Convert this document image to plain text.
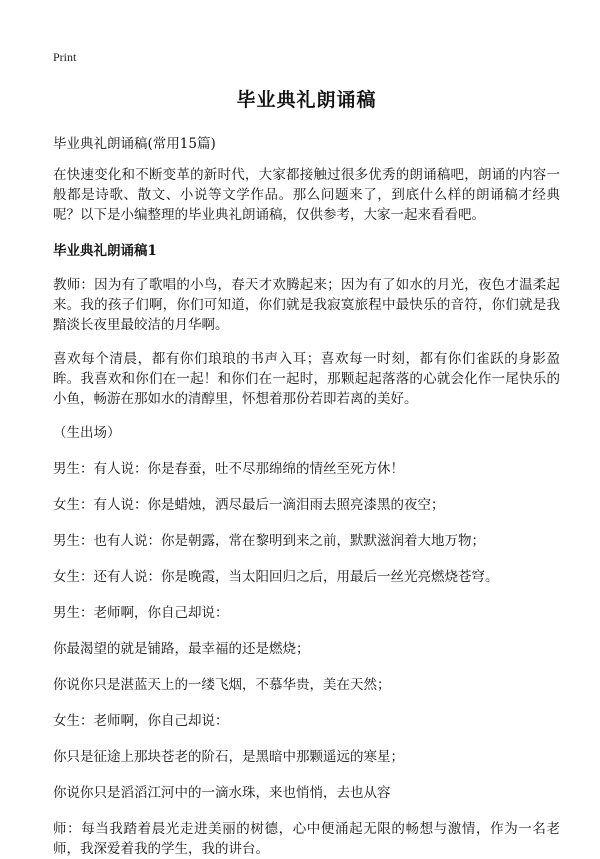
Print
毕业典礼朗诵稿

毕业典礼朗诵稿(常用15篇)

在快速变化和不断变革的新时代，大家都接触过很多优秀的朗诵稿吧，朗诵的内容一般都是诗歌、散文、小说等文学作品。那么问题来了，到底什么样的朗诵稿才经典呢？以下是小编整理的毕业典礼朗诵稿，仅供参考，大家一起来看看吧。

毕业典礼朗诵稿1

教师：因为有了歌唱的小鸟，春天才欢腾起来；因为有了如水的月光，夜色才温柔起来。我的孩子们啊，你们可知道，你们就是我寂寞旅程中最快乐的音符，你们就是我黯淡长夜里最皎洁的月华啊。

喜欢每个清晨，都有你们琅琅的书声入耳；喜欢每一时刻，都有你们雀跃的身影盈眸。我喜欢和你们在一起！和你们在一起时，那颗起起落落的心就会化作一尾快乐的小鱼，畅游在那如水的清醇里，怀想着那份若即若离的美好。

（生出场）

男生：有人说：你是春蚕，吐不尽那绵绵的情丝至死方休！

女生：有人说：你是蜡烛，洒尽最后一滴泪雨去照亮漆黑的夜空；

男生：也有人说：你是朝露，常在黎明到来之前，默默滋润着大地万物；

女生：还有人说：你是晚霞，当太阳回归之后，用最后一丝光亮燃烧苍穹。

男生：老师啊，你自己却说：

你最渴望的就是铺路，最幸福的还是燃烧；

你说你只是湛蓝天上的一缕飞烟，不慕华贵，美在天然；

女生：老师啊，你自己却说：

你只是征途上那块苍老的阶石，是黑暗中那颗遥远的寒星；

你说你只是滔滔江河中的一滴水珠，来也悄悄，去也从容

师：每当我踏着晨光走进美丽的树德，心中便涌起无限的畅想与激情，作为一名老师，我深爱着我的学生，我的讲台。
